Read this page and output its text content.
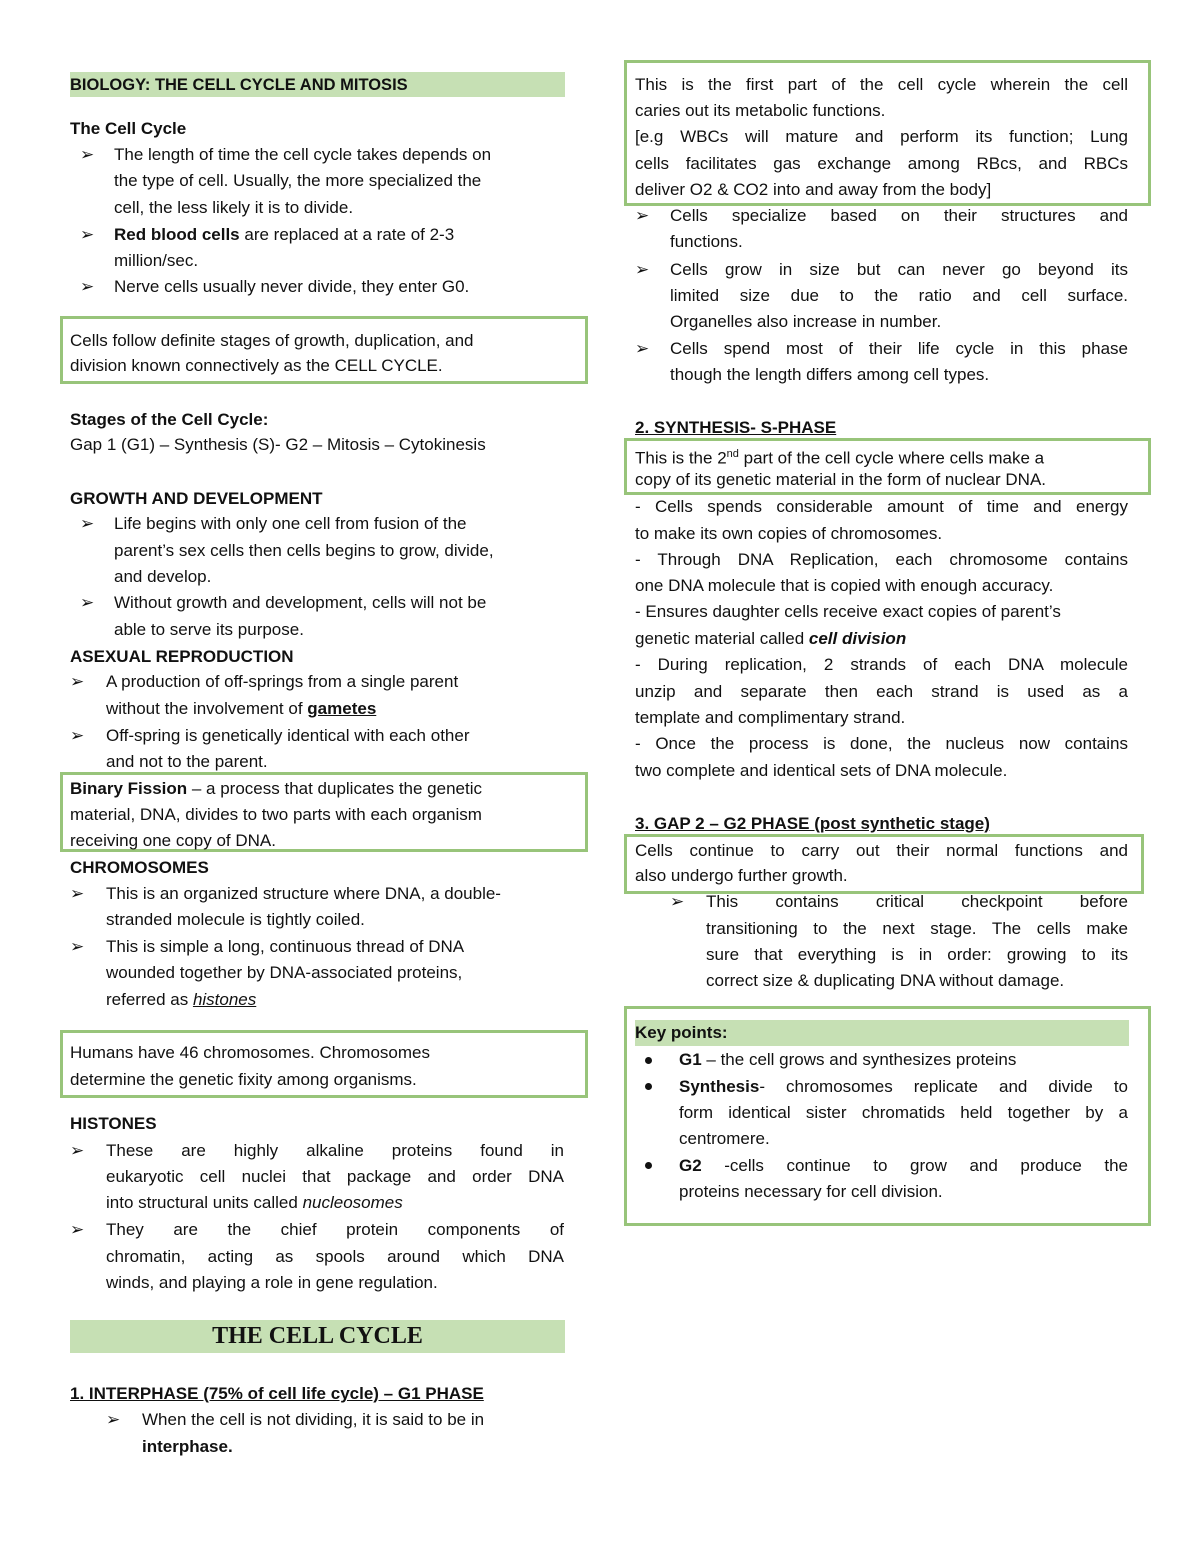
BIOLOGY: THE CELL CYCLE AND MITOSIS
The Cell Cycle
➢ The length of time the cell cycle takes depends on
the type of cell. Usually, the more specialized the
cell, the less likely it is to divide.
➢ Red blood cells are replaced at a rate of 2-3
million/sec.
➢ Nerve cells usually never divide, they enter G0.
Cells follow definite stages of growth, duplication, and
division known connectively as the CELL CYCLE.
Stages of the Cell Cycle:
Gap 1 (G1) – Synthesis (S)- G2 – Mitosis – Cytokinesis
GROWTH AND DEVELOPMENT
➢ Life begins with only one cell from fusion of the
parent’s sex cells then cells begins to grow, divide,
and develop.
➢ Without growth and development, cells will not be
able to serve its purpose.
ASEXUAL REPRODUCTION
➢ A production of off-springs from a single parent
without the involvement of gametes
➢ Off-spring is genetically identical with each other
and not to the parent.
Binary Fission – a process that duplicates the genetic
material, DNA, divides to two parts with each organism
receiving one copy of DNA.
CHROMOSOMES
➢ This is an organized structure where DNA, a double-
stranded molecule is tightly coiled.
➢ This is simple a long, continuous thread of DNA
wounded together by DNA-associated proteins,
referred as histones
Humans have 46 chromosomes. Chromosomes
determine the genetic fixity among organisms.
HISTONES
➢ These are highly alkaline proteins found in
eukaryotic cell nuclei that package and order DNA
into structural units called nucleosomes
➢ They are the chief protein components of
chromatin, acting as spools around which DNA
winds, and playing a role in gene regulation.
THE CELL CYCLE
1. INTERPHASE (75% of cell life cycle) – G1 PHASE
➢ When the cell is not dividing, it is said to be in
interphase.
This is the first part of the cell cycle wherein the cell
caries out its metabolic functions.
[e.g WBCs will mature and perform its function; Lung
cells facilitates gas exchange among RBcs, and RBCs
deliver O2 & CO2 into and away from the body]
➢ Cells specialize based on their structures and
functions.
➢ Cells grow in size but can never go beyond its
limited size due to the ratio and cell surface.
Organelles also increase in number.
➢ Cells spend most of their life cycle in this phase
though the length differs among cell types.
2. SYNTHESIS- S-PHASE
This is the 2nd part of the cell cycle where cells make a
copy of its genetic material in the form of nuclear DNA.
- Cells spends considerable amount of time and energy
to make its own copies of chromosomes.
- Through DNA Replication, each chromosome contains
one DNA molecule that is copied with enough accuracy.
- Ensures daughter cells receive exact copies of parent’s
genetic material called cell division
- During replication, 2 strands of each DNA molecule
unzip and separate then each strand is used as a
template and complimentary strand.
- Once the process is done, the nucleus now contains
two complete and identical sets of DNA molecule.
3. GAP 2 – G2 PHASE (post synthetic stage)
Cells continue to carry out their normal functions and
also undergo further growth.
➢ This contains critical checkpoint before
transitioning to the next stage. The cells make
sure that everything is in order: growing to its
correct size & duplicating DNA without damage.
Key points:
G1 – the cell grows and synthesizes proteins
Synthesis - chromosomes replicate and divide to
form identical sister chromatids held together by a
centromere.
G2 -cells continue to grow and produce the
proteins necessary for cell division.
